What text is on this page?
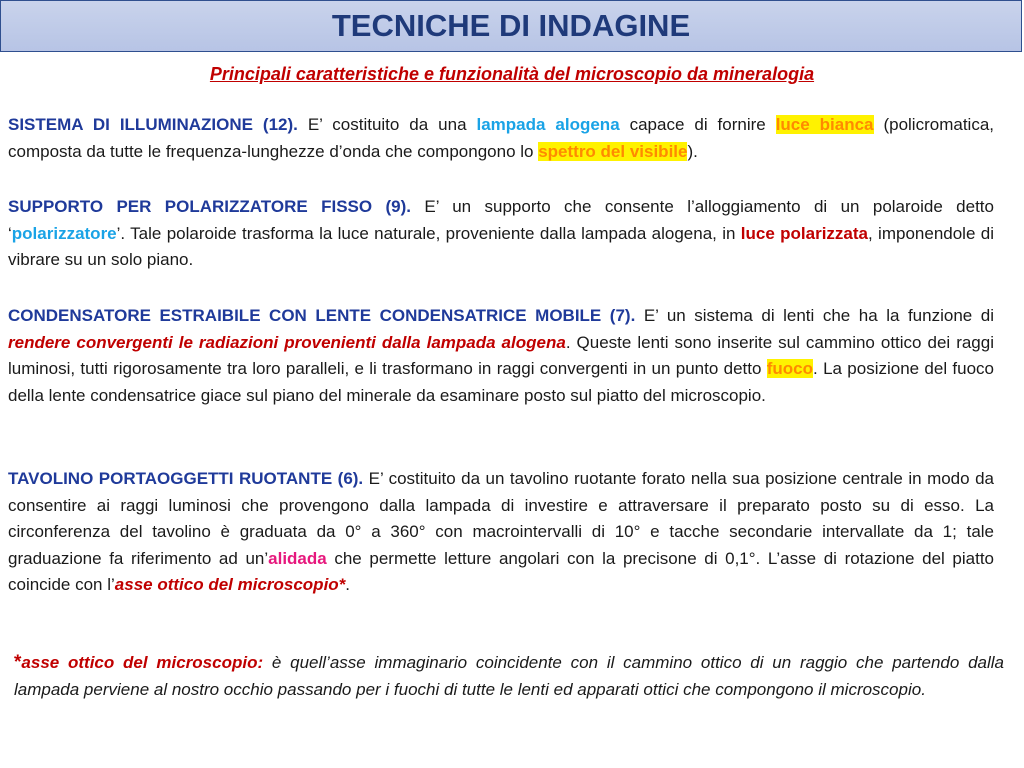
TECNICHE DI INDAGINE
Principali caratteristiche e funzionalità del microscopio da mineralogia

SISTEMA DI ILLUMINAZIONE (12). E’ costituito da una lampada alogena capace di fornire luce bianca (policromatica, composta da tutte le frequenza-lunghezze d’onda che compongono lo spettro del visibile).

SUPPORTO PER POLARIZZATORE FISSO (9). E’ un supporto che consente l’alloggiamento di un polaroide detto ‘polarizzatore’. Tale polaroide trasforma la luce naturale, proveniente dalla lampada alogena, in luce polarizzata, imponendole di vibrare su un solo piano.

CONDENSATORE ESTRAIBILE CON LENTE CONDENSATRICE MOBILE (7). E’ un sistema di lenti che ha la funzione di rendere convergenti le radiazioni provenienti dalla lampada alogena. Queste lenti sono inserite sul cammino ottico dei raggi luminosi, tutti rigorosamente tra loro paralleli, e li trasformano in raggi convergenti in un punto detto fuoco. La posizione del fuoco della lente condensatrice giace sul piano del minerale da esaminare posto sul piatto del microscopio.

TAVOLINO PORTAOGGETTI RUOTANTE (6). E’ costituito da un tavolino ruotante forato nella sua posizione centrale in modo da consentire ai raggi luminosi che provengono dalla lampada di investire e attraversare il preparato posto su di esso. La circonferenza del tavolino è graduata da 0° a 360° con macrointervalli di 10° e tacche secondarie intervallate da 1; tale graduazione fa riferimento ad un’alidada che permette letture angolari con la precisone di 0,1°. L’asse di rotazione del piatto coincide con l’asse ottico del microscopio*.

*asse ottico del microscopio: è quell’asse immaginario coincidente con il cammino ottico di un raggio che partendo dalla lampada perviene al nostro occhio passando per i fuochi di tutte le lenti ed apparati ottici che compongono il microscopio.
